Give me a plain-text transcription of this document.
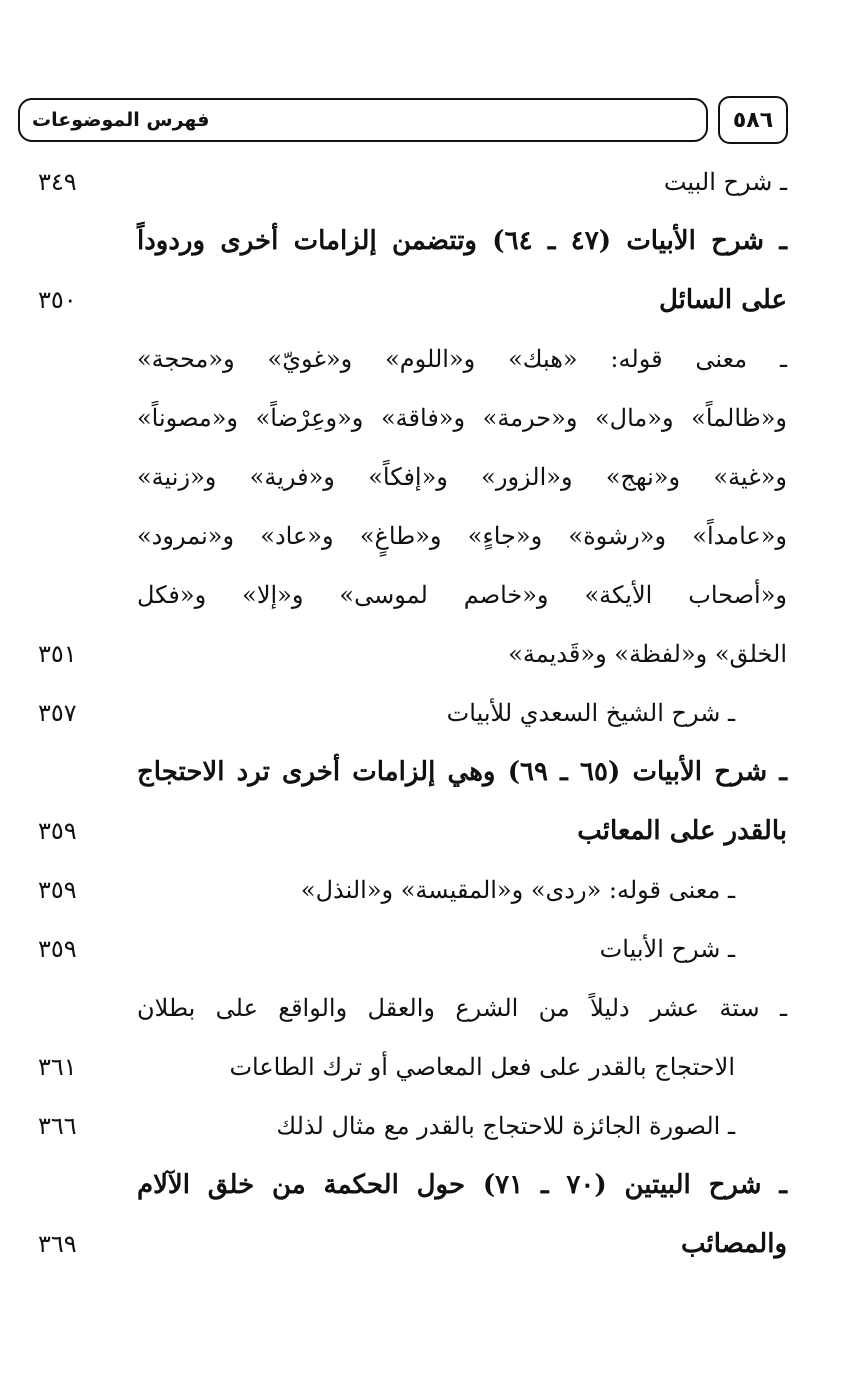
فهرس الموضوعات	٥٨٦
ـ شرح البيت
٣٤٩
ـ شرح الأبيات (٤٧ ـ ٦٤) وتتضمن إلزامات أخرى وردوداً
على السائل
٣٥٠
ـ معنى قوله: «هبك» و«اللوم» و«غويّ» و«محجة»
و«ظالماً» و«مال» و«حرمة» و«فاقة» و«وعِرْضاً» و«مصوناً»
و«غية» و«نهج» و«الزور» و«إفكاً» و«فرية» و«زنية»
و«عامداً» و«رشوة» و«جاءٍ» و«طاغٍ» و«عاد» و«نمرود»
و«أصحاب الأيكة» و«خاصم لموسى» و«إلا» و«فكل
الخلق» و«لفظة» و«قَديمة»
٣٥١
ـ شرح الشيخ السعدي للأبيات
٣٥٧
ـ شرح الأبيات (٦٥ ـ ٦٩) وهي إلزامات أخرى ترد الاحتجاج
بالقدر على المعائب
٣٥٩
ـ معنى قوله: «ردى» و«المقيسة» و«النذل»
٣٥٩
ـ شرح الأبيات
٣٥٩
ـ ستة عشر دليلاً من الشرع والعقل والواقع على بطلان
الاحتجاج بالقدر على فعل المعاصي أو ترك الطاعات
٣٦١
ـ الصورة الجائزة للاحتجاج بالقدر مع مثال لذلك
٣٦٦
ـ شرح البيتين (٧٠ ـ ٧١) حول الحكمة من خلق الآلام
والمصائب
٣٦٩
